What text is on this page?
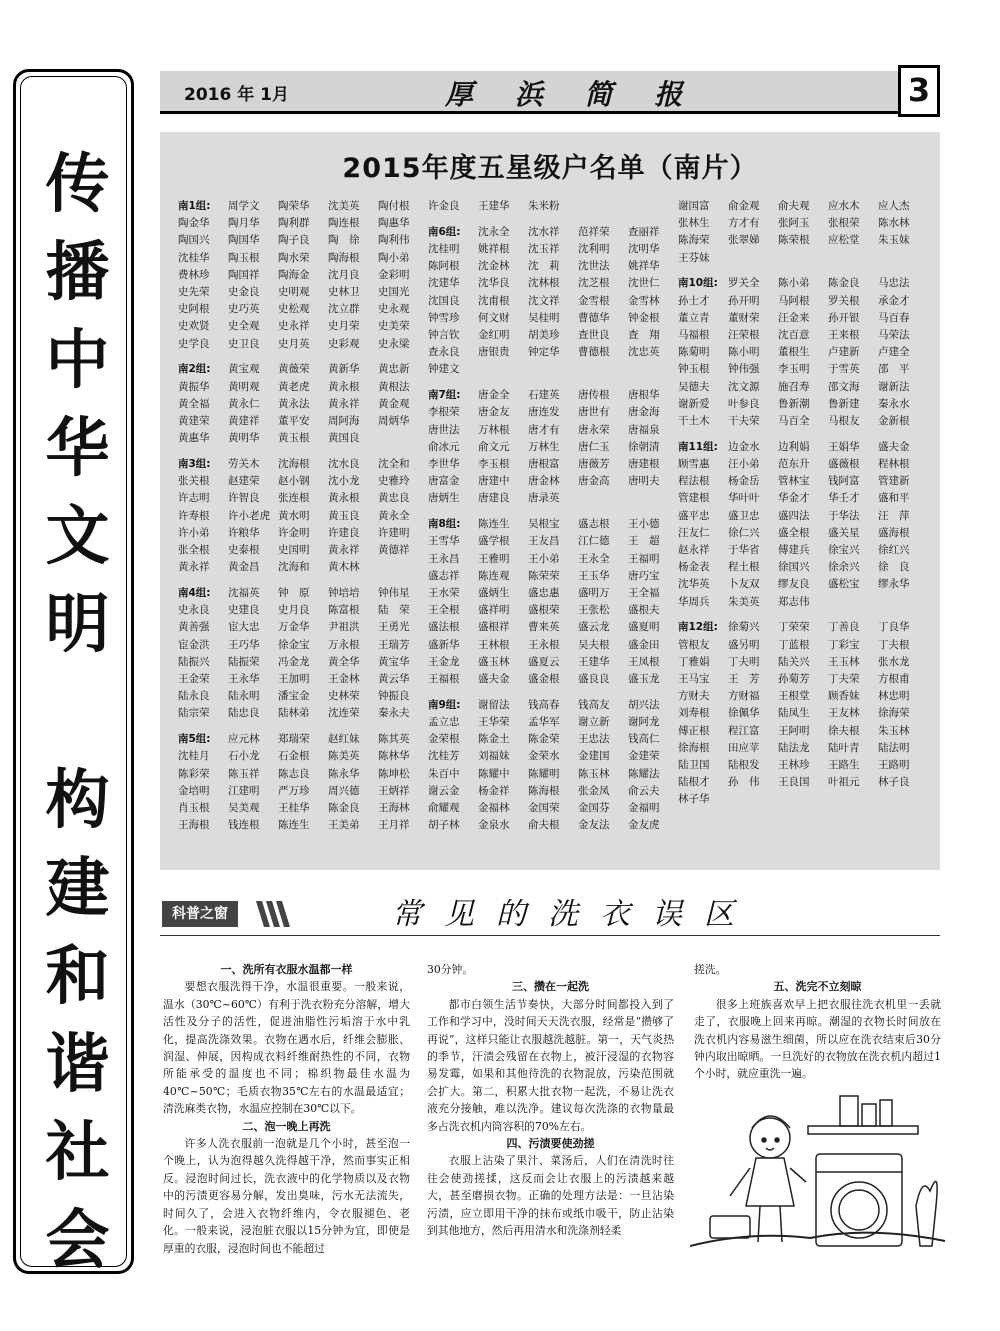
传
播
中
华
文
明
构
建
和
谐
社
会
2016 年 1月	厚 浜 简 报	3
2015年度五星级户名单（南片）
南1组:	周学文	陶荣华	沈美英	陶付根
陶金华	陶月华	陶利群	陶连根	陶惠华
陶国兴	陶国华	陶子良	陶　徐	陶利伟
沈桂华	陶玉根	陶水荣	陶海根	陶小弟
费林珍	陶国祥	陶海金	沈月良	金彩明
史先荣	史金良	史明观	史林卫	史国光
史阿根	史巧英	史松观	沈立群	史永观
史欢贤	史全观	史永祥	史月荣	史美荣
史学良	史卫良	史月英	史彩观	史永梁
南2组:	黄宝观	黄薇荣	黄新华	黄忠新
黄振华	黄明观	黄老虎	黄永根	黄根法
黄全福	黄永仁	黄永法	黄永祥	黄金观
黄建荣	黄建祥	董平安	周阿海	周炳华
黄惠华	黄明华	黄玉根	黄国良
南3组:	劳关木	沈海根	沈水良	沈全和
张关根	赵建荣	赵小钢	沈小龙	史雅玲
许志明	许智良	张连根	黄永根	黄忠良
许寿根	许小老虎 黄水明	黄玉良	黄永全
许小弟	许粮华	许金明	许建良	许建明
张全根	史泰根	史国明	黄永祥	黄德祥
黄永祥	黄金昌	沈海和	黄木林
南4组:	沈福英	钟　原	钟培培	钟伟星
史永良	史建良	史月良	陈富根	陆　荣
黄善强	宦大忠	万金华	尹祖洪	王勇光
宦金洪	王巧华	徐金宝	万永根	王瑞芳
陆振兴	陆振荣	冯金龙	黄全华	黄宝华
王金荣	王永华	王加明	王金林	黄云华
陆永良	陆永明	潘宝金	史林荣	钟振良
陆宗荣	陆忠良	陆林弟	沈连荣	秦永夫
南5组:	应元林	郑瑞荣	赵红妹	陈其英
沈桂月	石小龙	石金根	陈美英	陈林华
陈彩荣	陈玉祥	陈志良	陈永华	陈坤松
金培明	江建明	严万珍	周兴德	王炳祥
肖玉根	吴美观	王桂华	陈金良	王海林
王海根	钱连根	陈连生	王美弟	王月祥
许金良	王建华	朱米粉
南6组:	沈永全	沈水祥	范祥荣	查丽祥
沈桂明	姚祥根	沈玉祥	沈利明	沈明华
陈阿根	沈金林	沈　莉	沈世法	姚祥华
沈建华	沈华良	沈林根	沈芝根	沈世仁
沈国良	沈甫根	沈文祥	金雪根	金雪林
钟雪珍	何文财	吴桂明	曹德华	钟金根
钟言钦	金红明	胡美珍	查世良	查　翔
查永良	唐银贵	钟定华	曹德根	沈忠英
钟建文
南7组:	唐金全	石建英	唐传根	唐根华
李根荣	唐金友	唐连发	唐世有	唐金海
唐世法	万林根	唐才有	唐永荣	唐福泉
俞冰元	俞文元	万林生	唐仁玉	徐朝清
李世华	李玉根	唐根富	唐薇芳	唐建根
唐富金	唐建中	唐金林	唐金高	唐明夫
唐炳生	唐建良	唐录英
南8组:	陈连生	吴根宝	盛志根	王小德
王雪华	盛学根	王友昌	江仁德	王　超
王永昌	王雅明	王小弟	王永全	王福明
盛志祥	陈连观	陈荣荣	王玉华	唐巧宝
王水荣	盛炳生	盛忠惠	盛明万	王全福
王全根	盛祥明	盛根荣	王张松	盛根夫
盛法根	盛根祥	曹来英	盛云龙	盛夏明
盛新华	王林根	王永根	吴夫根	盛金田
王金龙	盛玉林	盛夏云	王建华	王凤根
王福根	盛夫金	盛金根	盛良良	盛玉龙
南9组:	谢留法	钱高春	钱高友	胡兴法
孟立忠	王华荣	孟华军	谢立新	谢阿龙
金荣根	陈金土	陈金荣	王忠法	钱高仁
沈桂芳	刘福妹	金荣水	金建国	金建荣
朱百中	陈耀中	陈耀明	陈玉林	陈耀法
谢云金	杨金祥	陈海根	张金凤	俞云夫
俞耀观	金福林	金国荣	金国芬	金福明
胡子林	金泉水	俞夫根	金友法	金友虎
谢国富	俞金观	俞夫观	应水木	应人杰
张林生	方才有	张阿玉	张根荣	陈水林
陈海荣	张翠娣	陈荣根	应松堂	朱玉妹
王芬妹
南10组: 罗关全	陈小弟	陈金良	马忠法
孙士才	孙开明	马阿根	罗关根	承金才
董立青	董财荣	汪金来	孙开银	马百春
马福根	汪荣根	沈百意	王来根	马荣法
陈菊明	陈小明	董根生	卢建新	卢建全
钟玉根	钟伟强	李玉明	于雪英	邵　平
吴德夫	沈文源	施召寿	邵文海	谢新法
谢新爱	叶参良	鲁新潮	鲁新建	秦永水
干土木	干夫荣	马百全	马根友	金新根
南11组: 边金水	边利娟	王娟华	盛夫金
顾雪惠	汪小弟	范东升	盛薇根	程林根
程法根	杨金岳	管林宝	钱阿富	管建新
管建根	华叶叶	华金才	华壬才	盛和平
盛平忠	盛卫忠	盛四法	于华法	汪　萍
汪友仁	徐仁兴	盛全根	盛关星	盛海根
赵永祥	于华省	傅建兵	徐宝兴	徐红兴
杨金表	程土根	徐国兴	徐余兴	徐　良
沈华英	卜友双	缪友良	盛松宝	缪永华
华周兵	朱美英	郑志伟
南12组: 徐菊兴	丁荣荣	丁善良	丁良华
管根友	盛另明	丁蓝根	丁彩宝	丁夫根
丁雅娟	丁夫明	陆关兴	王玉林	张水龙
王马宝	王　芳	孙菊芳	丁夫荣	方根甫
方财夫	方财福	王根堂	顾香妹	林忠明
刘寿根	徐佩华	陆凤生	王友林	徐海荣
傅正根	程江富	王阿明	徐夫根	朱玉林
徐海根	田应苹	陆法龙	陆叶青	陆法明
陆卫国	陆根发	王林珍	王路生	王路明
陆根才	孙　伟	王良国	叶祖元	林子良
林子华
科普之窗	常见的洗衣误区
一、洗所有衣服水温都一样

要想衣服洗得干净，水温很重要。一般来说，温水（30℃~60℃）有利于洗衣粉充分溶解，增大活性及分子的活性，促进油脂性污垢溶于水中乳化，提高洗涤效果。衣物在遇水后，纤维会膨胀、润湿、伸展，因构成衣料纤维耐热性的不同，衣物所能承受的温度也不同；棉织物最佳水温为40℃~50℃；毛质衣物35℃左右的水温最适宜；清洗麻类衣物，水温应控制在30℃以下。

二、泡一晚上再洗

许多人洗衣服前一泡就是几个小时，甚至泡一个晚上，认为泡得越久洗得越干净，然而事实正相反。浸泡时间过长，洗衣液中的化学物质以及衣物中的污渍更容易分解，发出臭味，污水无法流失，时间久了，会进入衣物纤维内，令衣服褪色、老化。一般来说，浸泡脏衣服以15分钟为宜，即使是厚重的衣服，浸泡时间也不能超过

30分钟。

三、攒在一起洗

都市白领生活节奏快，大部分时间都投入到了工作和学习中，没时间天天洗衣服，经常是“攒够了再说”，这样只能让衣服越洗越脏。第一，天气炎热的季节，汗渍会残留在衣物上，被汗浸湿的衣物容易发霉，如果和其他待洗的衣物混放，污染范围就会扩大。第二，积累大批衣物一起洗，不易让洗衣液充分接触，难以洗净。建议每次洗涤的衣物量最多占洗衣机内筒容积的70%左右。

四、污渍要使劲搓

衣服上沾染了果汁、菜汤后，人们在清洗时往往会使劲搓揉，这反而会让衣服上的污渍越来越大，甚至磨损衣物。正确的处理方法是：一旦沾染污渍，应立即用干净的抹布或纸巾吸干，防止沾染到其他地方，然后再用清水和洗涤剂轻柔

搓洗。

五、洗完不立刻晾

很多上班族喜欢早上把衣服往洗衣机里一丢就走了，衣服晚上回来再晾。潮湿的衣物长时间放在洗衣机内容易滋生细菌，所以应在洗衣结束后30分钟内取出晾晒。一旦洗好的衣物放在洗衣机内超过1个小时，就应重洗一遍。
